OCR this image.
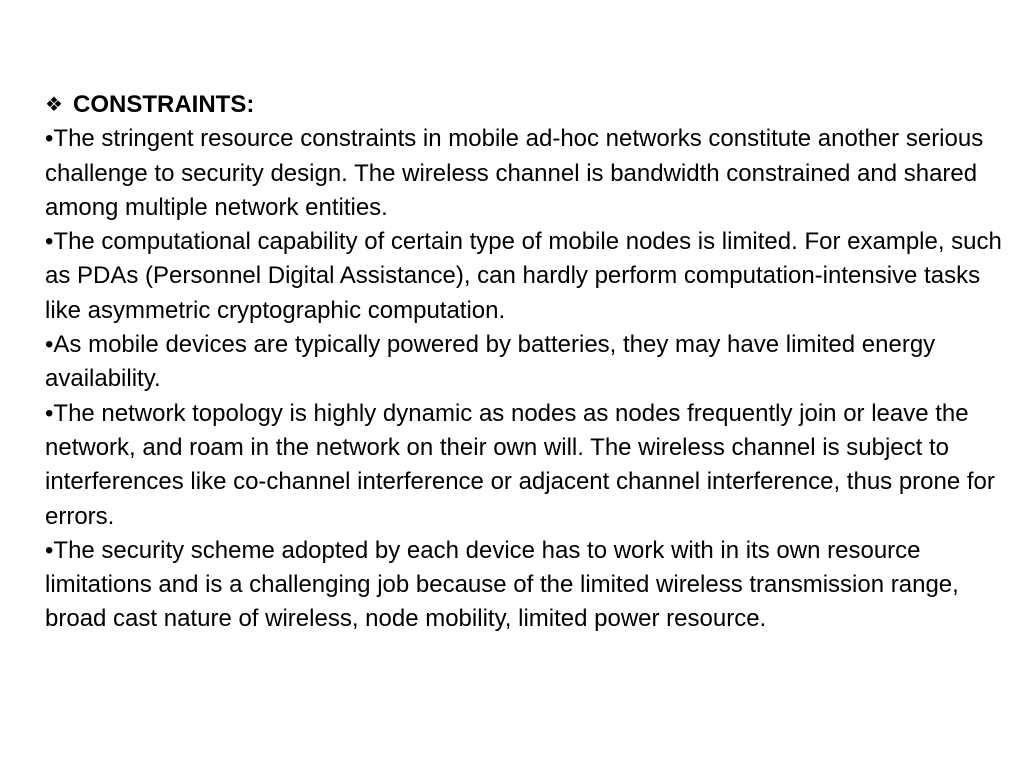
❖ CONSTRAINTS:
•The stringent resource constraints in mobile ad-hoc networks constitute another serious challenge to security design. The wireless channel is bandwidth constrained and shared among multiple network entities.
•The computational capability of certain type of mobile nodes is limited. For example, such as PDAs (Personnel Digital Assistance), can hardly perform computation-intensive tasks like asymmetric cryptographic computation.
•As mobile devices are typically powered by batteries, they may have limited energy availability.
•The network topology is highly dynamic as nodes as nodes frequently join or leave the network, and roam in the network on their own will. The wireless channel is subject to interferences like co-channel interference or adjacent channel interference, thus prone for errors.
•The security scheme adopted by each device has to work with in its own resource limitations and is a challenging job because of the limited wireless transmission range, broad cast nature of wireless, node mobility, limited power resource.
